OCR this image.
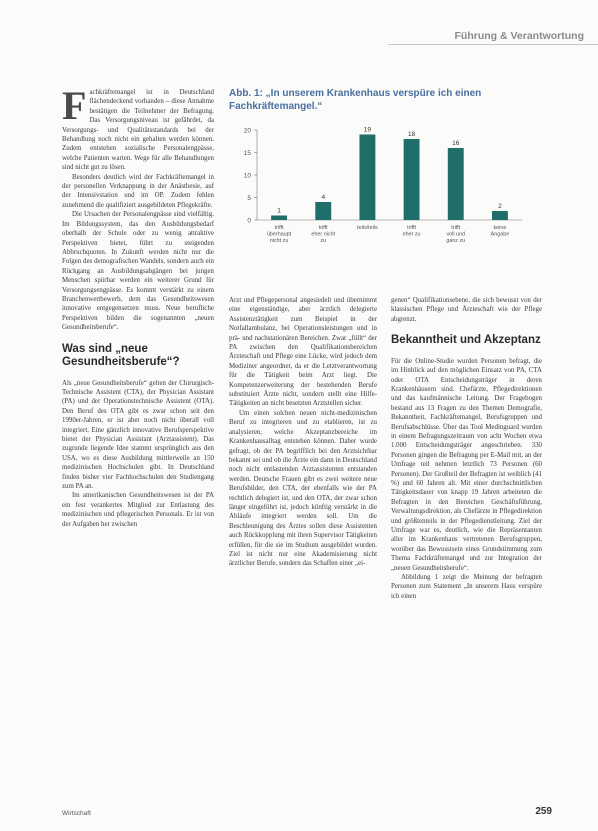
Führung & Verantwortung
F achkräftemangel ist in Deutschland flächendeckend vorhanden – diese Annahme bestätigen die Teilnehmer der Befragung. Das Versorgungsniveau ist gefährdet, da Versorgungs- und Qualitätsstandards bei der Behandlung noch nicht ein gehalten werden können. Zudem entstehen sozialische Personalengpässe, welche Patienten warten. Wege für alle Behandlungen sind nicht gut zu lösen.

Besonders deutlich wird der Fachkräftemangel in der personellen Verknappung in der Anästhesie, auf der Intensivstation und im OP. Zudem fehlen zunehmend die qualifiziert ausgebildeten Pflegekräfte.

Die Ursachen der Personalengpässe sind vielfältig. Im Bildungssystem, das den Ausbildungsbedarf oberhalb der Schule oder zu wenig attraktive Perspektiven bietet, führt zu steigenden Abbruchquoten. In Zukunft werden nicht nur die Folgen des demografischen Wandels, sondern auch ein Rückgang an Ausbildungsabgängen bei jungen Menschen spürbar werden ein weiterer Grund für Versorgungsengpässe. Es kommt verstärkt zu einem Branchenwettbewerb, dem das Gesundheitswesen innovative entgegensetzen muss. Neue berufliche Perspektiven bilden die sogenannten „neuen Gesundheitsberufe“.

Was sind „neue Gesundheitsberufe“?

Als „neue Gesundheitsberufe“ gelten der Chirurgisch-Technische Assistent (CTA), der Physician Assistant (PA) und der Operationstechnische Assistent (OTA). Den Beruf des OTA gibt es zwar schon seit den 1990er-Jahren, er ist aber noch nicht überall voll integriert. Eine gänzlich innovative Berufsperspektive bietet der Physician Assistant (Arztassistent). Das zugrunde liegende Idee stammt ursprünglich aus den USA, wo es diese Ausbildung mittlerweile an 150 medizinischen Hochschulen gibt. In Deutschland finden bisher vier Fachhochschulen den Studiengang zum PA an.

Im amerikanischen Gesundheitswesen ist der PA ein fest verankertes Mitglied zur Entlastung des medizinischen und pflegerischen Personals. Er ist von der Aufgaben her zwischen

Abb. 1: „In unserem Krankenhaus verspüre ich einen Fachkräftemangel.“
0
5
10
15
20
1
trifft überhaupt nicht zu
4
trifft eher nicht zu
19
teils/teils
18
trifft eher zu
16
trifft voll und ganz zu
2
keine Angabe

Arzt und Pflegepersonal angesiedelt und übernimmt eine eigenständige, aber ärztlich delegierte Assistenztätigkeit zum Beispiel in der Notfallambulanz, bei Operationsleistungen und in prä- und nachstationären Bereichen. Zwar „füllt“ der PA zwischen den Qualifikationsbereichen Ärzteschaft und Pflege eine Lücke, wird jedoch dem Mediziner angeordnet, da er die Letztverantwortung für die Tätigkeit beim Arzt liegt. Die Kompetenzerweiterung der bestehenden Berufe substituiert Ärzte nicht, sondern stellt eine Hilfe-Tätigkeiten an nicht besetzten Arztstellen sicher.

Um einen solchen neuen nicht-medizinischen Beruf zu integrieren und zu etablieren, ist zu analysieren, welche Akzeptanzbereiche im Krankenhausalltag entstehen können. Daher wurde gefragt, ob der PA begrifflich bei den Arztsichtbar bekannt sei und ob die Ärzte ein dann in Deutschland noch nicht entlastenden Arztassistenten entstanden werden. Deutsche Frauen gibt es zwei weitere neue Berufsbilder, den CTA, der ebenfalls wie der PA rechtlich delegiert ist, und den OTA, der zwar schon länger eingeführt ist, jedoch künftig verstärkt in die Abläufe integriert werden soll. Um die Beschleunigung des Ärztes sollen diese Assistenten auch Rückkopplung mit ihren Supervisor Tätigkeiten erfüllen, für die sie im Studium ausgebildet wurden. Ziel ist nicht nur eine Akademisierung nicht ärztlicher Berufe, sondern das Schaffen einer „ei-

genen“ Qualifikationsebene, die sich bewusst von der klassischen Pflege und Ärzteschaft wie der Pflege abgrenzt.

Bekanntheit und Akzeptanz

Für die Online-Studie wurden Personen befragt, die im Hinblick auf den möglichen Einsatz von PA, CTA oder OTA Entscheidungsträger in deren Krankenhäusern sind. Chefärzte, Pflegedirektionen und das kaufmännische Leitung. Der Fragebogen bestand aus 13 Fragen zu den Themen Demografie, Bekanntheit, Fachkräftemangel, Berufsgruppen und Berufsabschlüsse. Über das Tool Medinguard wurden in einem Befragungszeitraum von acht Wochen etwa 1.000 Entscheidungsträger angeschrieben. 330 Personen gingen die Befragung per E-Mail mit, an der Umfrage teil nehmen letztlich 73 Personen (60 Personen). Der Großteil der Befragten ist weiblich (41 %) und 60 Jahren alt. Mit einer durchschnittlichen Tätigkeitsdauer von knapp 19 Jahren arbeiteten die Befragten in den Bereichen Geschäftsführung, Verwaltungsdirektion, als Chefärzte in Pflegedirektion und größtenteils in der Pflegedienstleitung. Ziel der Umfrage war es, deutlich, wie die Repräsentanten aller im Krankenhaus vertretenen Berufsgruppen, worüber das Bewusstsein eines Grundstimmung zum Thema Fachkräftemangel und zur Integration der „neuen Gesundheitsberufe“.

Abbildung 1 zeigt die Meinung der befragten Personen zum Statement „In unserem Haus verspüre ich einen

Wirtschaft	259
